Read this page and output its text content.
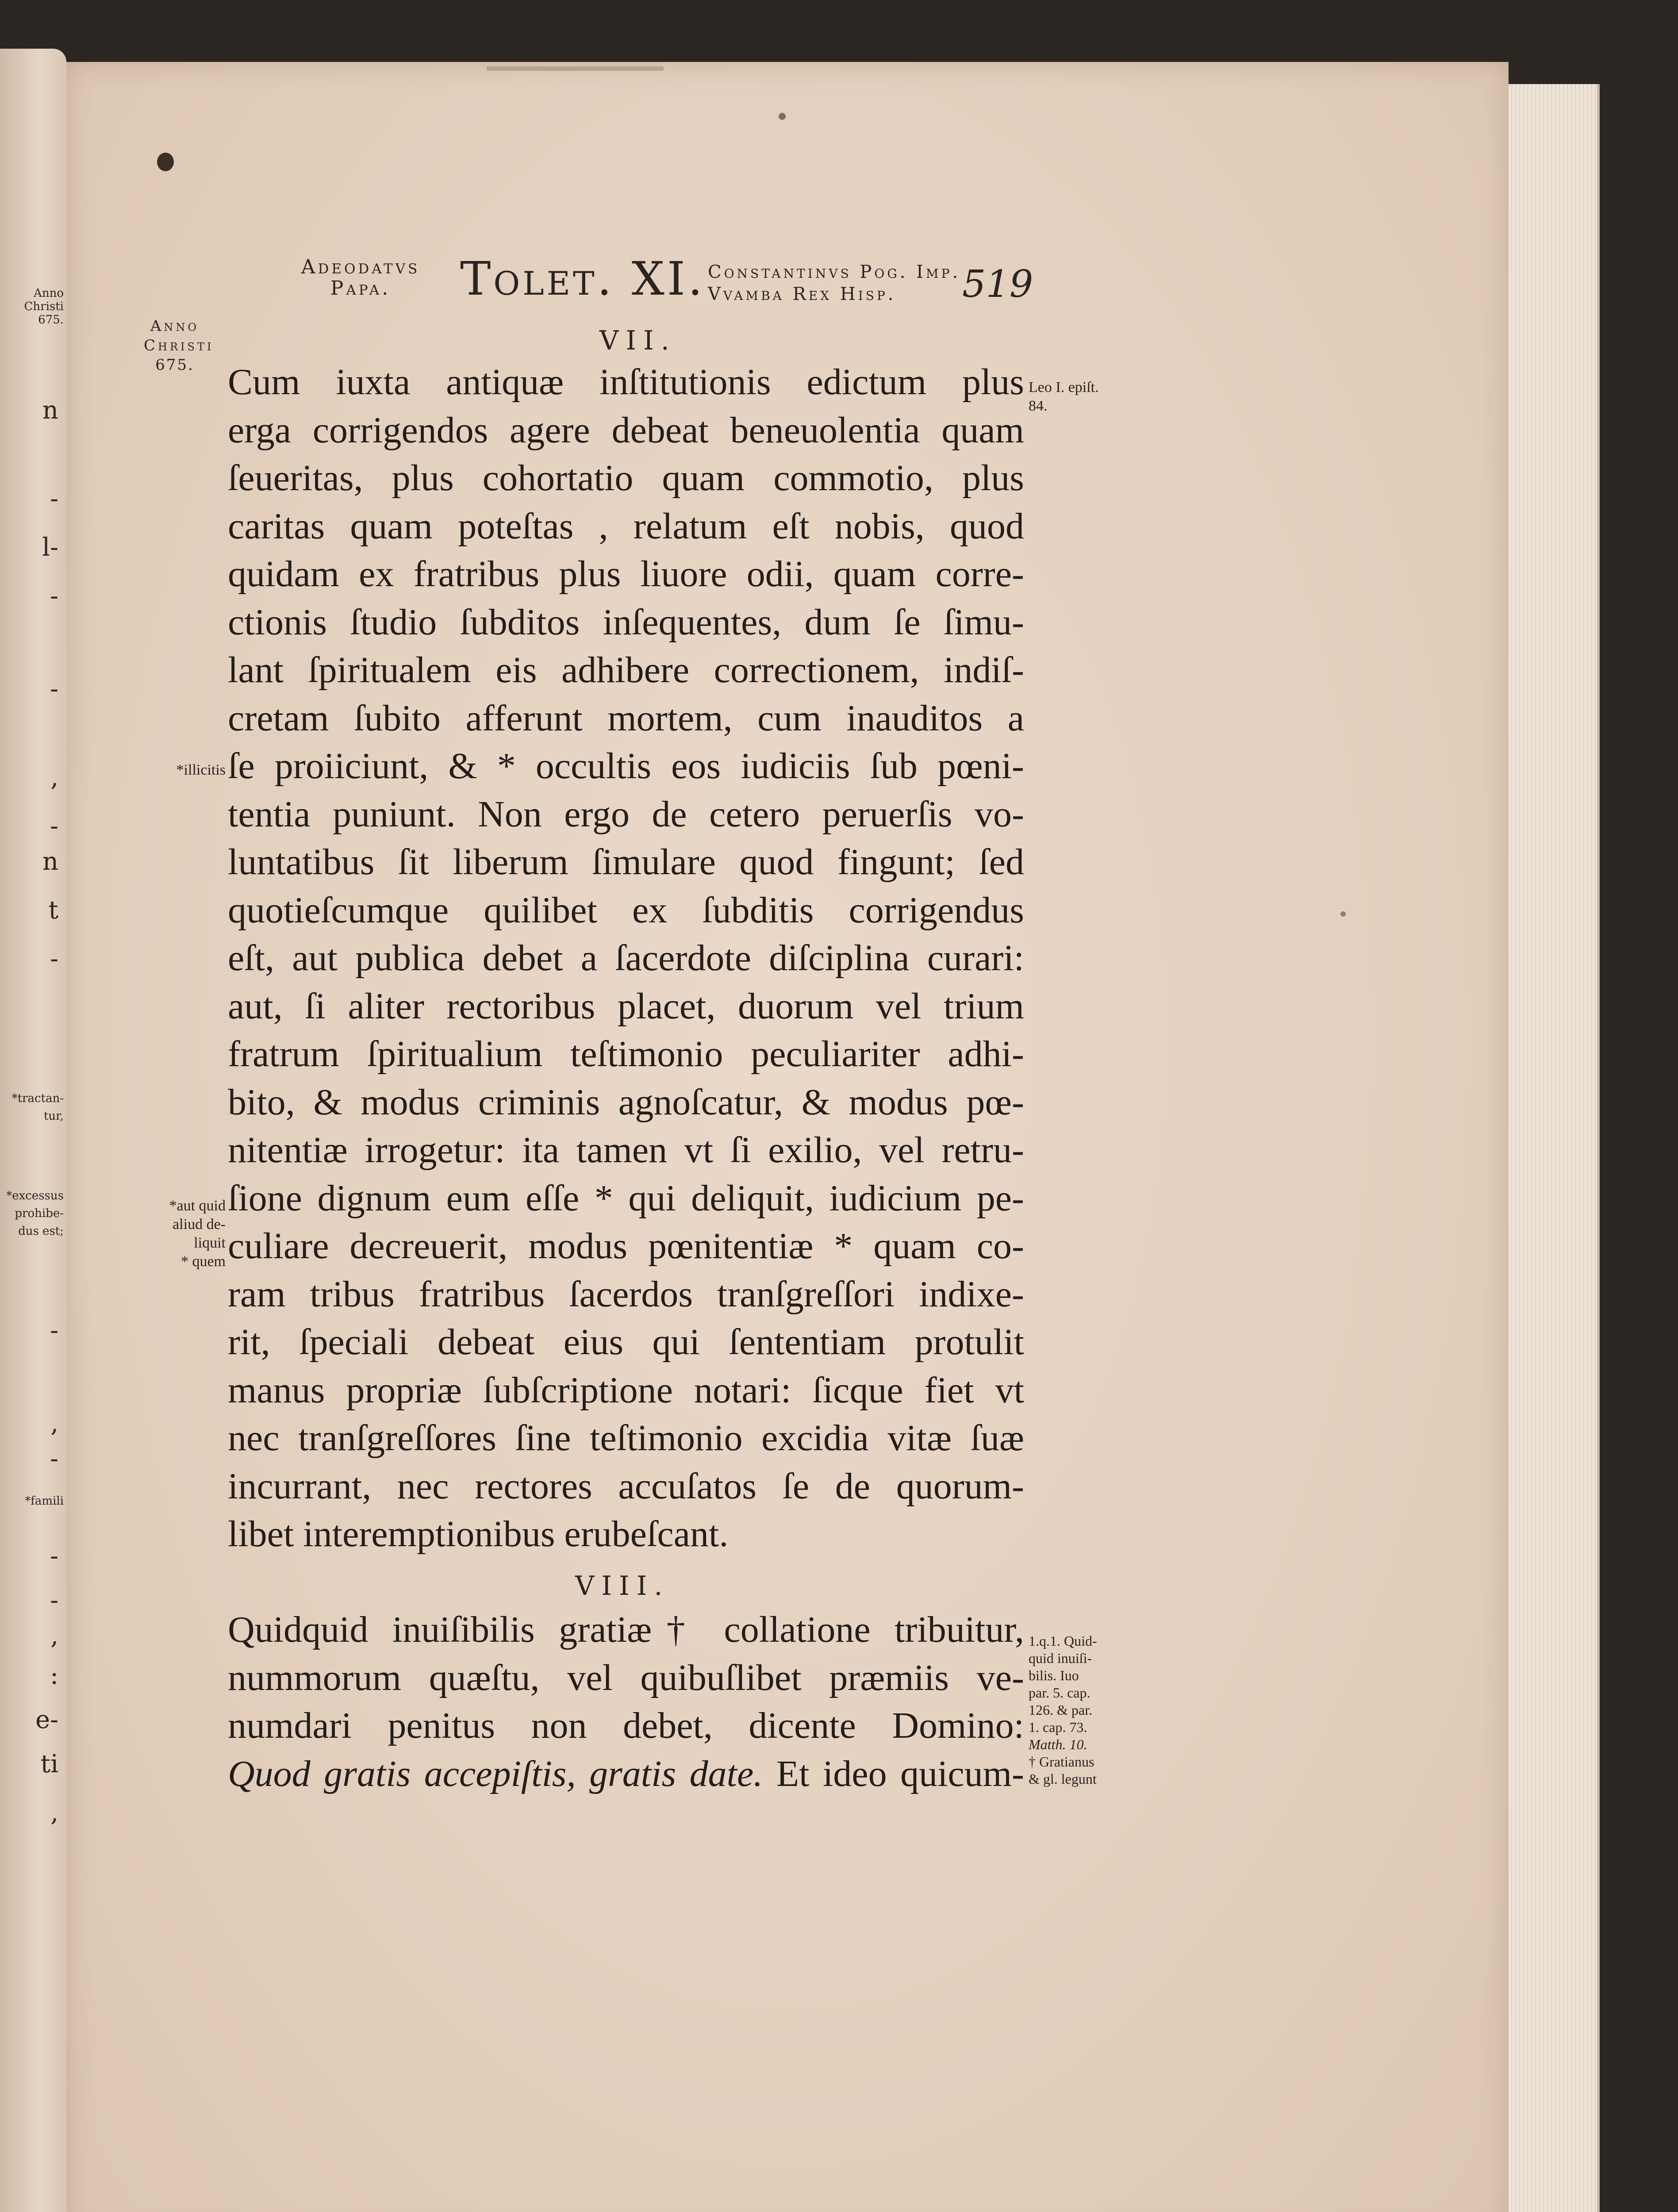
Anno
Christi
675.
n
-
l-
-
-
,
-
n
t
-
*tractan-
tur,
*excessus
prohibe-
dus est;
-
,
-
*famili
-
-
,
:
e-
ti
,
Adeodatvs
Papa.	Tolet. XI. Constantinvs Pog. Imp.
Vvamba Rex Hisp.	519
Anno
Christi
675.
VII.
Cum iuxta antiquæ inſtitutionis edictum plus
erga corrigendos agere debeat beneuolentia quam
ſeueritas, plus cohortatio quam commotio, plus
caritas quam poteſtas , relatum eſt nobis, quod
quidam ex fratribus plus liuore odii, quam corre-
ctionis ſtudio ſubditos inſequentes, dum ſe ſimu-
lant ſpiritualem eis adhibere correctionem, indiſ-
cretam ſubito afferunt mortem, cum inauditos a
ſe proiiciunt, & * occultis eos iudiciis ſub pœni-
tentia puniunt. Non ergo de cetero peruerſis vo-
luntatibus ſit liberum ſimulare quod fingunt; ſed
quotieſcumque quilibet ex ſubditis corrigendus
eſt, aut publica debet a ſacerdote diſciplina curari:
aut, ſi aliter rectoribus placet, duorum vel trium
fratrum ſpiritualium teſtimonio peculiariter adhi-
bito, & modus criminis agnoſcatur, & modus pœ-
nitentiæ irrogetur: ita tamen vt ſi exilio, vel retru-
ſione dignum eum eſſe * qui deliquit, iudicium pe-
culiare decreuerit, modus pœnitentiæ * quam co-
ram tribus fratribus ſacerdos tranſgreſſori indixe-
rit, ſpeciali debeat eius qui ſententiam protulit
manus propriæ ſubſcriptione notari: ſicque fiet vt
nec tranſgreſſores ſine teſtimonio excidia vitæ ſuæ
incurrant, nec rectores accuſatos ſe de quorum-
libet interemptionibus erubeſcant.
VIII.
Quidquid inuiſibilis gratiæ† collatione tribuitur,
nummorum quæſtu, vel quibuſlibet præmiis ve-
numdari penitus non debet, dicente Domino:
Quod gratis accepiſtis, gratis date. Et ideo quicum-
Leo I. epiſt.
84.
*illicitis
*aut quid
aliud de-
liquit
* quem
1.q.1. Quid-
quid inuiſi-
bilis. Iuo
par. 5. cap.
126. & par.
1. cap. 73.
Matth. 10.
† Gratianus
& gl. legunt
